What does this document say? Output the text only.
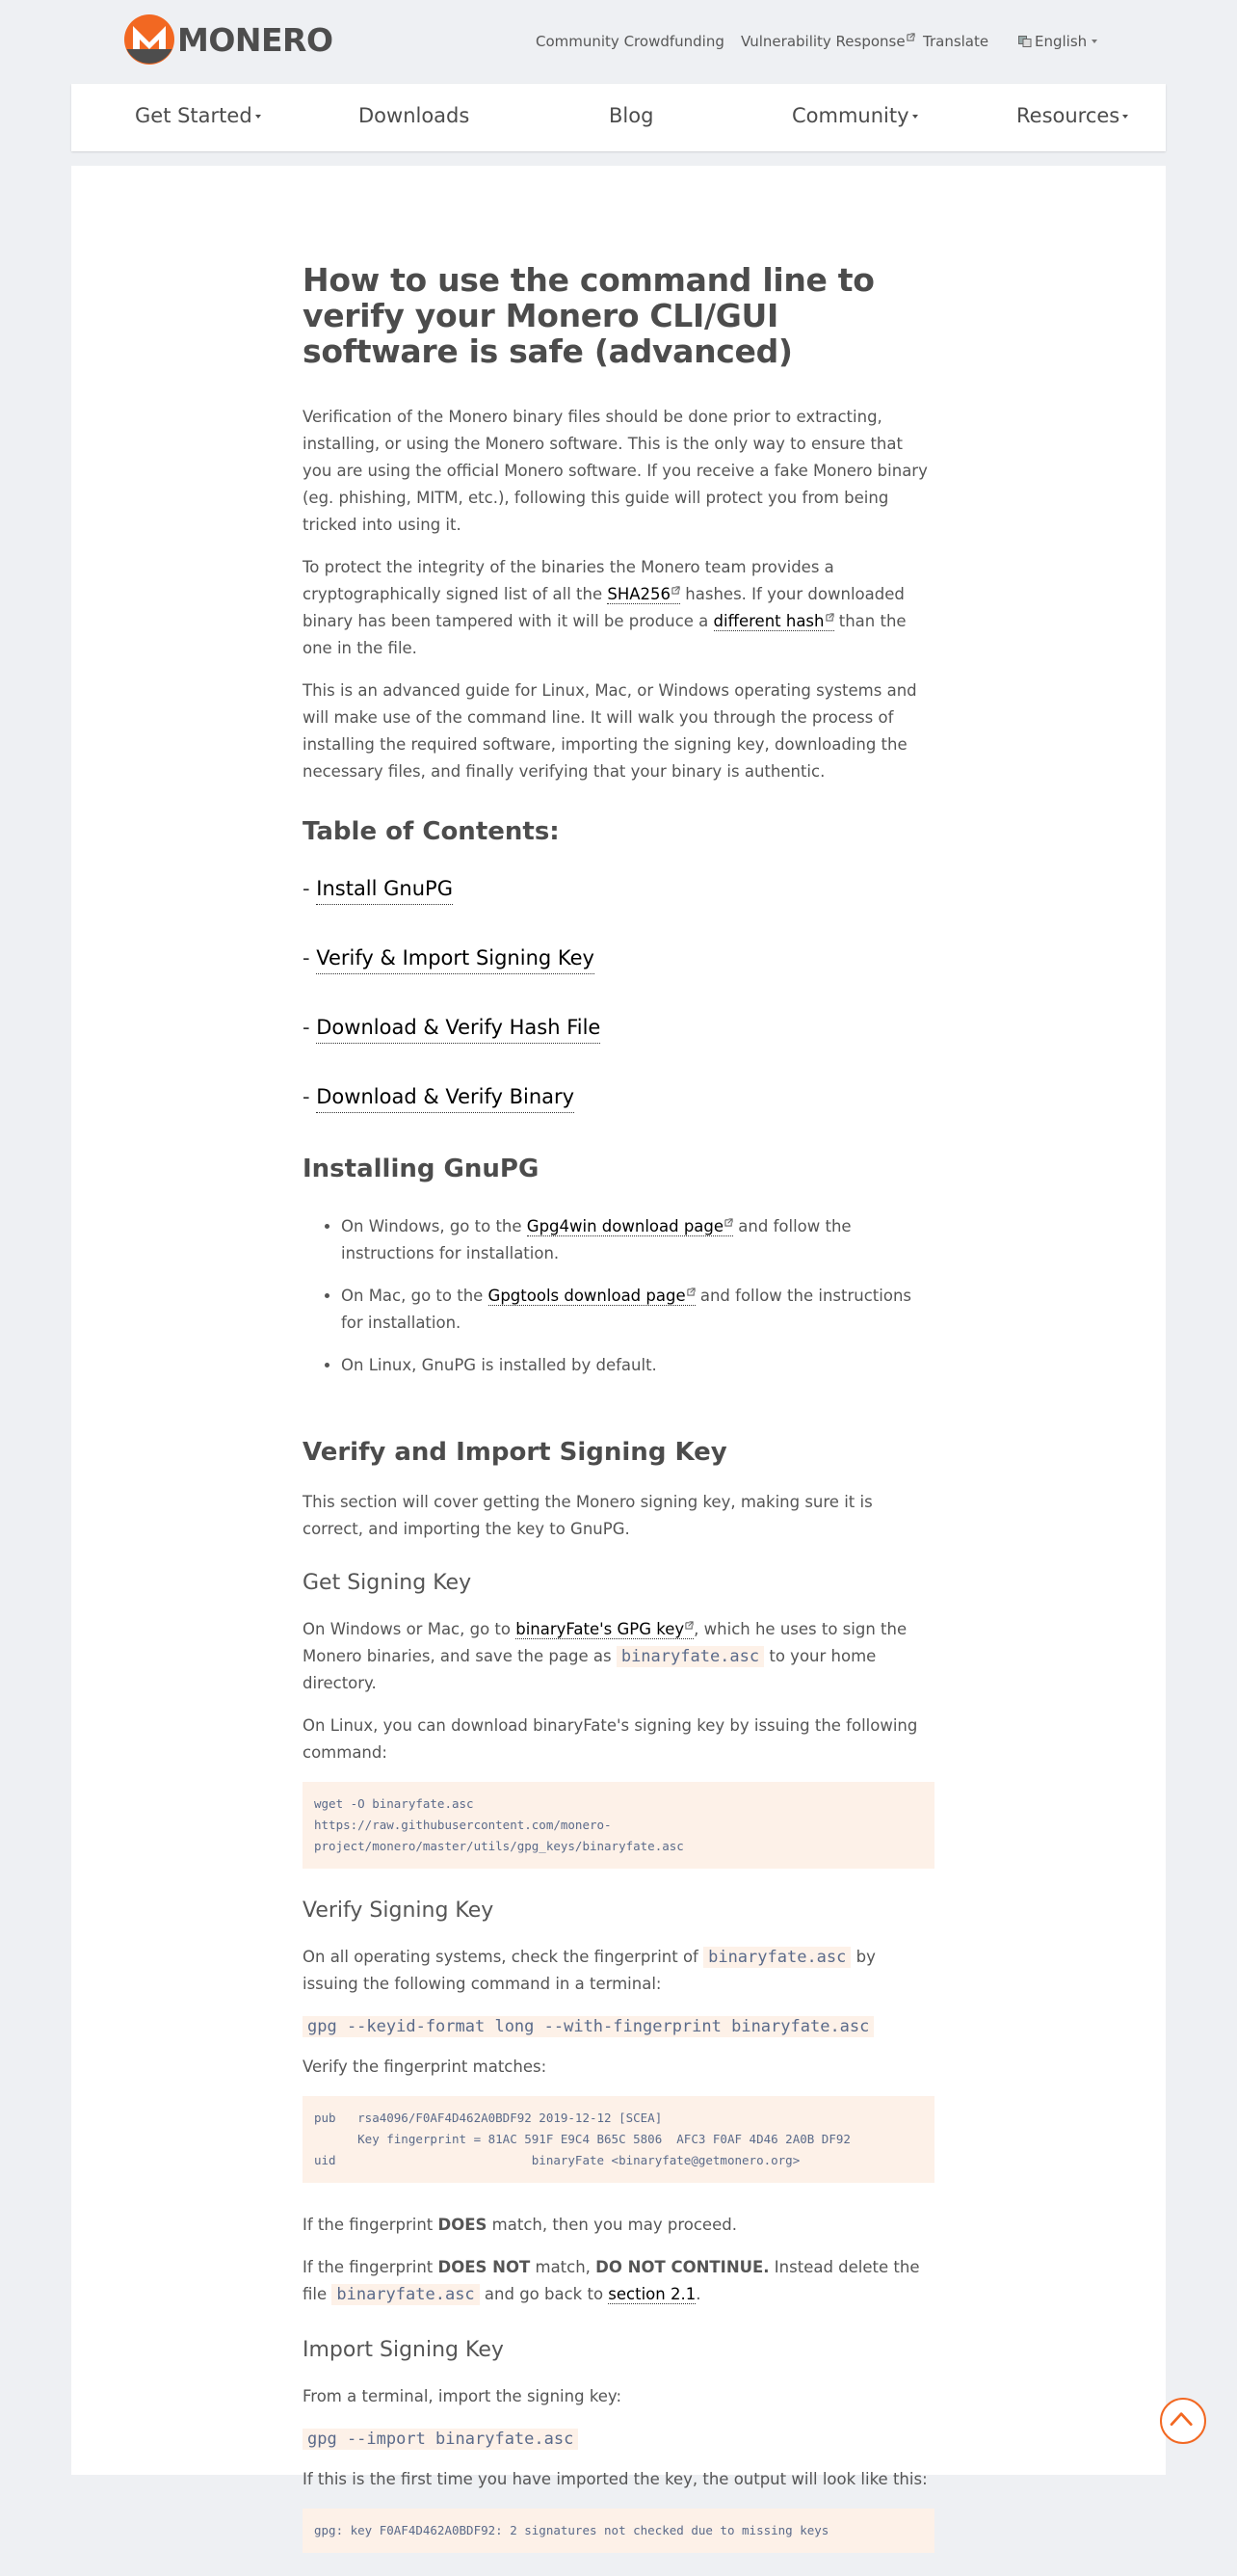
MONERO	Community Crowdfunding Vulnerability Response	Translate	English
Get Started	Downloads	Blog	Community	Resources
How to use the command line to verify your Monero CLI/GUI software is safe (advanced)

Verification of the Monero binary files should be done prior to extracting, installing, or using the Monero software. This is the only way to ensure that you are using the official Monero software. If you receive a fake Monero binary (eg. phishing, MITM, etc.), following this guide will protect you from being tricked into using it.

To protect the integrity of the binaries the Monero team provides a cryptographically signed list of all the SHA256 hashes. If your downloaded binary has been tampered with it will be produce a different hash than the one in the file.

This is an advanced guide for Linux, Mac, or Windows operating systems and will make use of the command line. It will walk you through the process of installing the required software, importing the signing key, downloading the necessary files, and finally verifying that your binary is authentic.

Table of Contents:
- Install GnuPG
- Verify & Import Signing Key
- Download & Verify Hash File
- Download & Verify Binary
Installing GnuPG
• On Windows, go to the Gpg4win download page and follow the instructions for installation.
• On Mac, go to the Gpgtools download page and follow the instructions for installation.
• On Linux, GnuPG is installed by default.
Verify and Import Signing Key

This section will cover getting the Monero signing key, making sure it is correct, and importing the key to GnuPG.

Get Signing Key

On Windows or Mac, go to binaryFate's GPG key , which he uses to sign the Monero binaries, and save the page as binaryfate.asc to your home directory.

On Linux, you can download binaryFate's signing key by issuing the following command:

wget -O binaryfate.asc
https://raw.githubusercontent.com/monero-
project/monero/master/utils/gpg_keys/binaryfate.asc
Verify Signing Key

On all operating systems, check the fingerprint of binaryfate.asc by issuing the following command in a terminal:

gpg --keyid-format long --with-fingerprint binaryfate.asc

Verify the fingerprint matches:

pub   rsa4096/F0AF4D462A0BDF92 2019-12-12 [SCEA]
Key fingerprint = 81AC 591F E9C4 B65C 5806  AFC3 F0AF 4D46 2A0B DF92
uid                           binaryFate <binaryfate@getmonero.org>

If the fingerprint DOES match, then you may proceed.

If the fingerprint DOES NOT match, DO NOT CONTINUE. Instead delete the file binaryfate.asc and go back to section 2.1.

Import Signing Key

From a terminal, import the signing key:

gpg --import binaryfate.asc

If this is the first time you have imported the key, the output will look like this:

gpg: key F0AF4D462A0BDF92: 2 signatures not checked due to missing keys
